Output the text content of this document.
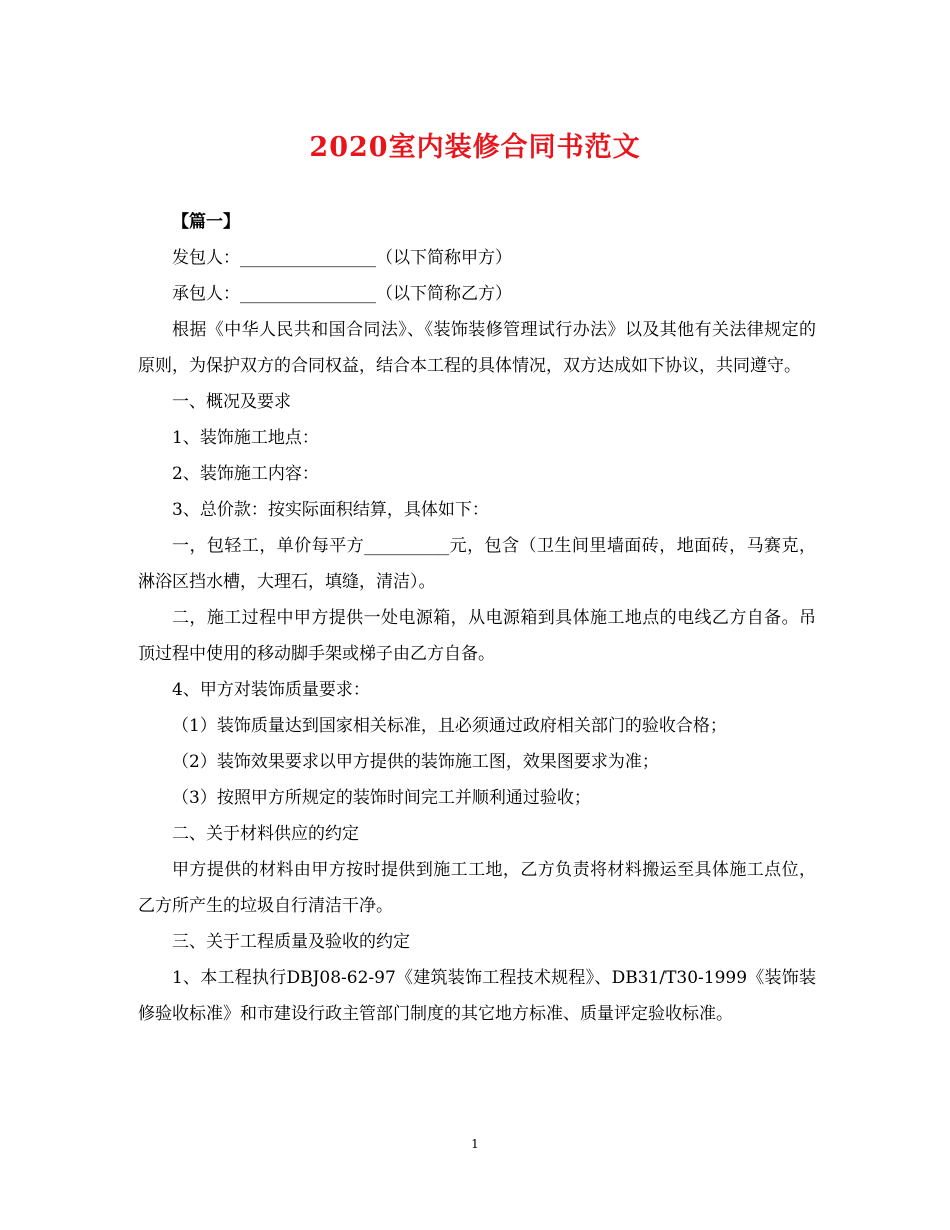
2020室内装修合同书范文

【篇一】

发包人：________________（以下简称甲方）

承包人：________________（以下简称乙方）

根据《中华人民共和国合同法》、《装饰装修管理试行办法》以及其他有关法律规定的原则，为保护双方的合同权益，结合本工程的具体情况，双方达成如下协议，共同遵守。

一、概况及要求

1、装饰施工地点：

2、装饰施工内容：

3、总价款：按实际面积结算，具体如下：

一，包轻工，单价每平方__________元，包含（卫生间里墙面砖，地面砖，马赛克，淋浴区挡水槽，大理石，填缝，清洁）。

二，施工过程中甲方提供一处电源箱，从电源箱到具体施工地点的电线乙方自备。吊顶过程中使用的移动脚手架或梯子由乙方自备。

4、甲方对装饰质量要求：

（1）装饰质量达到国家相关标准，且必须通过政府相关部门的验收合格；

（2）装饰效果要求以甲方提供的装饰施工图，效果图要求为准；

（3）按照甲方所规定的装饰时间完工并顺利通过验收；

二、关于材料供应的约定

甲方提供的材料由甲方按时提供到施工工地，乙方负责将材料搬运至具体施工点位，乙方所产生的垃圾自行清洁干净。

三、关于工程质量及验收的约定

1、本工程执行DBJ08-62-97《建筑装饰工程技术规程》、DB31/T30-1999《装饰装修验收标准》和市建设行政主管部门制度的其它地方标准、质量评定验收标准。

1
